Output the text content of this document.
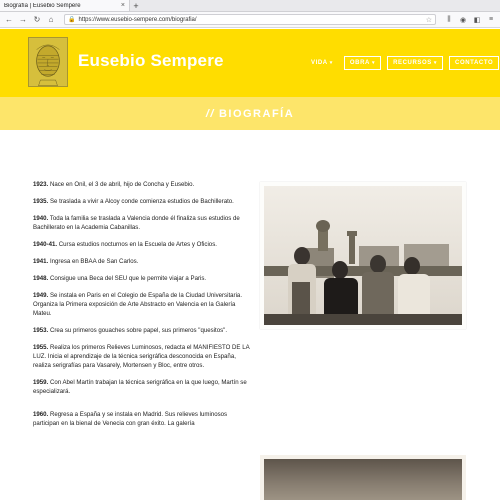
Biografía | Eusebio Sempere	× +
← → ↻	⌂	🔒 https://www.eusebio-sempere.com/biografia/	☆	⫼	◉ ◧	≡
Eusebio Sempere	VIDA ▾	OBRA ▾	RECURSOS ▾	CONTACTO
// BIOGRAFÍA

1923. Nace en Onil, el 3 de abril, hijo de Concha y Eusebio.

1935. Se traslada a vivir a Alcoy conde comienza estudios de Bachillerato.

1940. Toda la familia se traslada a Valencia donde él finaliza sus estudios de Bachillerato en la Academia Cabanillas.

1940-41. Cursa estudios nocturnos en la Escuela de Artes y Oficios.

1941. Ingresa en BBAA de San Carlos.

1948. Consigue una Beca del SEU que le permite viajar a Paris.

1949. Se instala en Paris en el Colegio de España de la Ciudad Universitaria. Organiza la Primera exposición de Arte Abstracto en Valencia en la Galería Mateu.

1953. Crea su primeros gouaches sobre papel, sus primeros "quesitos".

1955. Realiza los primeros Relieves Luminosos, redacta el MANIFIESTO DE LA LUZ. Inicia el aprendizaje de la técnica serigráfica desconocida en España, realiza serigrafías para Vasarely, Mortensen y Bloc, entre otros.

1959. Con Abel Martín trabajan la técnica serigráfica en la que luego, Martín se especializará.

1960. Regresa a España y se instala en Madrid. Sus relieves luminosos participan en la bienal de Venecia con gran éxito. La galería
